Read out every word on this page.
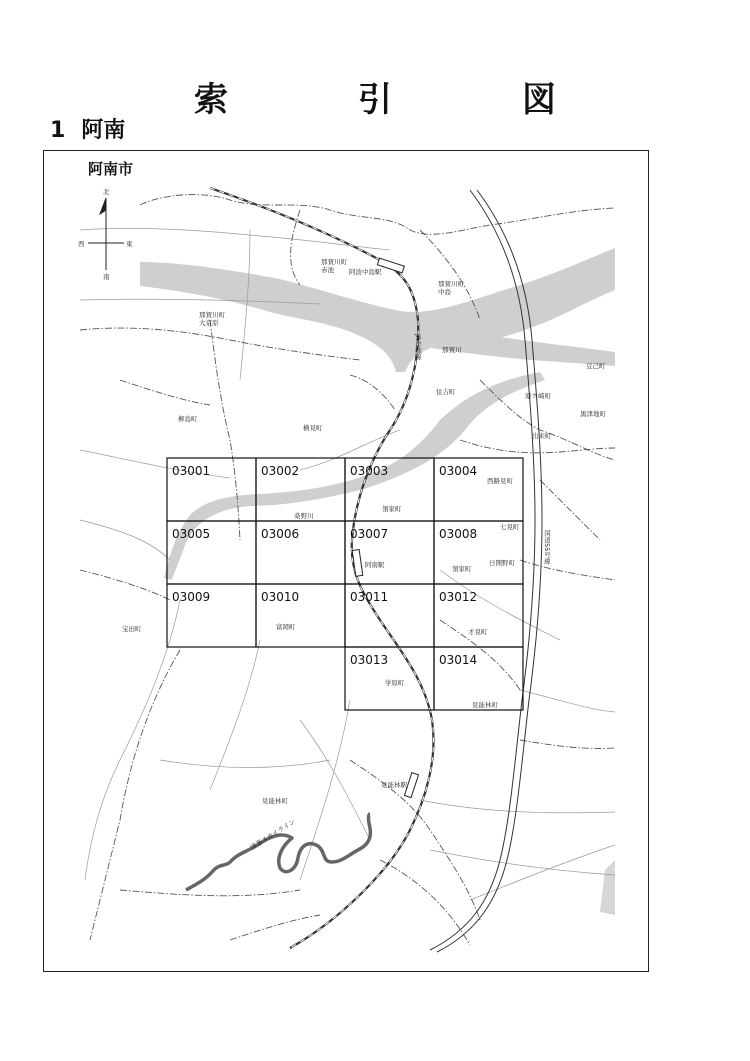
索　引　図
1 阿南
阿南市
北
南
東
西
03001	03002	03003	03004
03005	03006	03007	03008
03009	03010	03011	03012
03013	03014
那賀川町
赤池 阿波中島駅
那賀川町
中島
那賀川町
大京原
JR牟岐線	那賀川
豆己町
住吉町	原ケ崎町
黒津地町
柳島町
横見町
出来町
西路見町
桑野川
領家町
国道55号線
七見町
阿南駅	領家町
日開野町
宝田町	富岡町
才見町
学原町
見能林町
見能林駅
見能林町
津峯スカイライン
